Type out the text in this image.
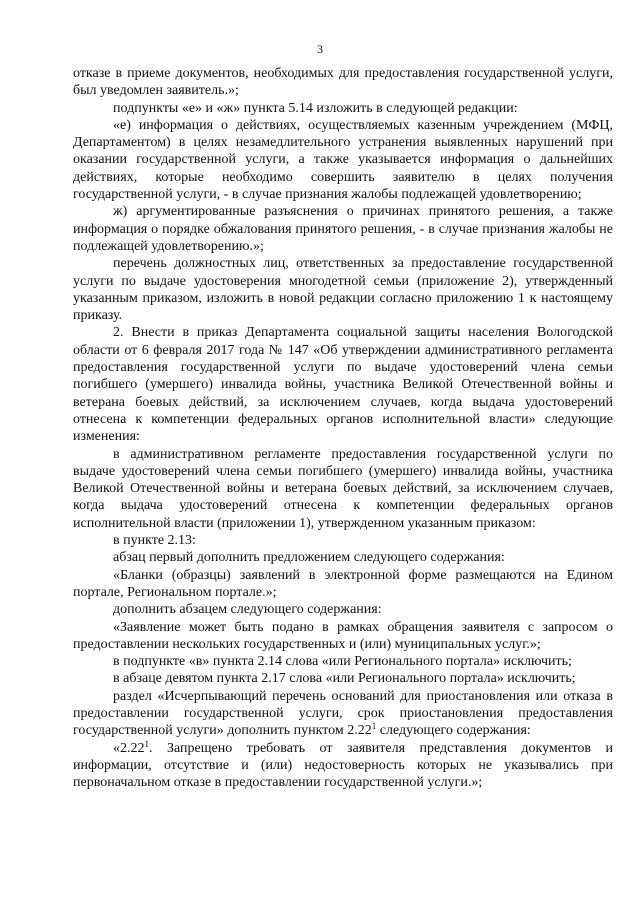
3

отказе в приеме документов, необходимых для предоставления государственной услуги, был уведомлен заявитель.»;

подпункты «е» и «ж» пункта 5.14 изложить в следующей редакции:

«е) информация о действиях, осуществляемых казенным учреждением (МФЦ, Департаментом) в целях незамедлительного устранения выявленных нарушений при оказании государственной услуги, а также указывается информация о дальнейших действиях, которые необходимо совершить заявителю в целях получения государственной услуги, - в случае признания жалобы подлежащей удовлетворению;

ж) аргументированные разъяснения о причинах принятого решения, а также информация о порядке обжалования принятого решения, - в случае признания жалобы не подлежащей удовлетворению.»;

перечень должностных лиц, ответственных за предоставление государственной услуги по выдаче удостоверения многодетной семьи (приложение 2), утвержденный указанным приказом, изложить в новой редакции согласно приложению 1 к настоящему приказу.

2. Внести в приказ Департамента социальной защиты населения Вологодской области от 6 февраля 2017 года № 147 «Об утверждении административного регламента предоставления государственной услуги по выдаче удостоверений члена семьи погибшего (умершего) инвалида войны, участника Великой Отечественной войны и ветерана боевых действий, за исключением случаев, когда выдача удостоверений отнесена к компетенции федеральных органов исполнительной власти» следующие изменения:

в административном регламенте предоставления государственной услуги по выдаче удостоверений члена семьи погибшего (умершего) инвалида войны, участника Великой Отечественной войны и ветерана боевых действий, за исключением случаев, когда выдача удостоверений отнесена к компетенции федеральных органов исполнительной власти (приложении 1), утвержденном указанным приказом:

в пункте 2.13:

абзац первый дополнить предложением следующего содержания:

«Бланки (образцы) заявлений в электронной форме размещаются на Едином портале, Региональном портале.»;

дополнить абзацем следующего содержания:

«Заявление может быть подано в рамках обращения заявителя с запросом о предоставлении нескольких государственных и (или) муниципальных услуг.»;

в подпункте «в» пункта 2.14 слова «или Регионального портала» исключить;

в абзаце девятом пункта 2.17 слова «или Регионального портала» исключить;

раздел «Исчерпывающий перечень оснований для приостановления или отказа в предоставлении государственной услуги, срок приостановления предоставления государственной услуги» дополнить пунктом 2.22$^1$ следующего содержания:

«2.22$^1$. Запрещено требовать от заявителя представления документов и информации, отсутствие и (или) недостоверность которых не указывались при первоначальном отказе в предоставлении государственной услуги.»;
